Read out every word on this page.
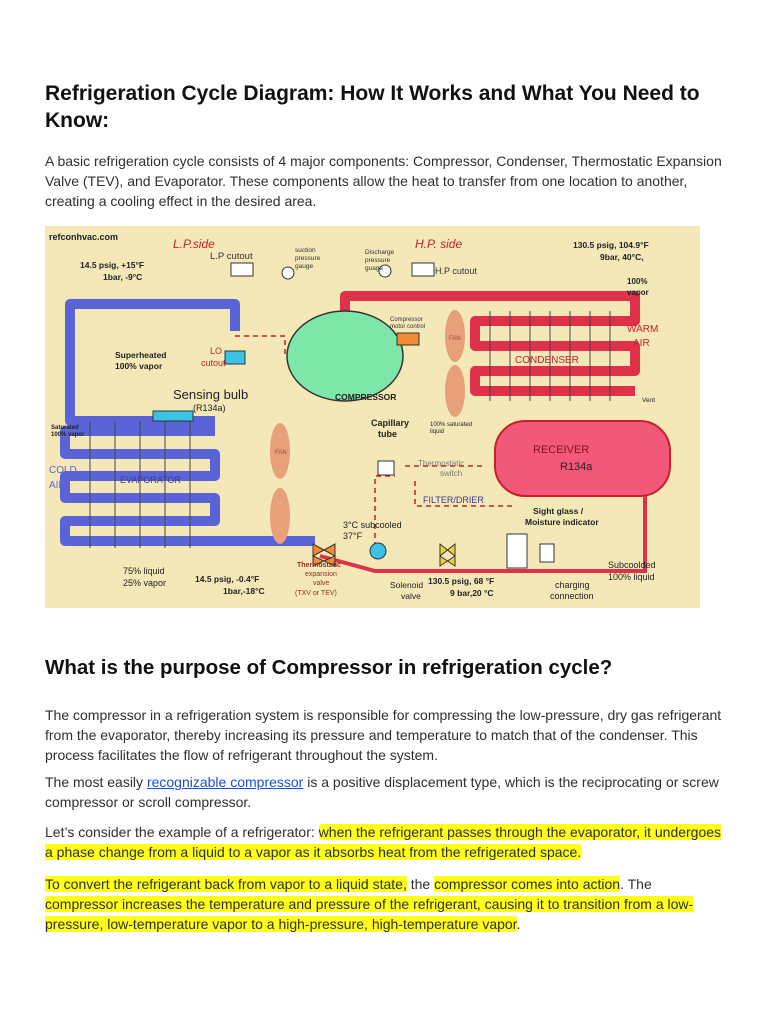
Refrigeration Cycle Diagram: How It Works and What You Need to Know:

A basic refrigeration cycle consists of 4 major components: Compressor, Condenser, Thermostatic Expansion Valve (TEV), and Evaporator. These components allow the heat to transfer from one location to another, creating a cooling effect in the desired area.

refconhvac.com	L.P.side	H.P. side
14.5 psig, +15°F
1bar, -9°C
130.5 psig, 104.9°F
9bar, 40°C,
100%
vapor
L.P cutout
suction
pressure
gauge
Discharge
pressure
guage	H.P cutout
Compressor
motor control	WARM
AIR
CONDENSER
Superheated
100% vapor
LO
cutout
Sensing bulb
(R134a)
COMPRESSOR	Vent
Saturated
100% vapor
Capillary
tube
100% saturated
liquid
RECEIVER
R134a
COLD
AIR	EVAPORATOR
FAN
FAN
Thermostatic
switch
FILTER/DRIER
Sight glass /
Moisture indicator
3°C subcooled
37°F
75% liquid
25% vapor	14.5 psig, -0.4°F
1bar,-18°C
Thermostatic
expansion
valve
(TXV or TEV)
Solenoid
valve
130.5 psig, 68 °F
9 bar,20 °C
charging
connection
Subcoolded
100% liquid
What is the purpose of Compressor in refrigeration cycle?

The compressor in a refrigeration system is responsible for compressing the low-pressure, dry gas refrigerant from the evaporator, thereby increasing its pressure and temperature to match that of the condenser. This process facilitates the flow of refrigerant throughout the system.

The most easily recognizable compressor is a positive displacement type, which is the reciprocating or screw compressor or scroll compressor.

Let’s consider the example of a refrigerator: when the refrigerant passes through the evaporator, it undergoes a phase change from a liquid to a vapor as it absorbs heat from the refrigerated space.

To convert the refrigerant back from vapor to a liquid state, the compressor comes into action. The compressor increases the temperature and pressure of the refrigerant, causing it to transition from a low-pressure, low-temperature vapor to a high-pressure, high-temperature vapor.
